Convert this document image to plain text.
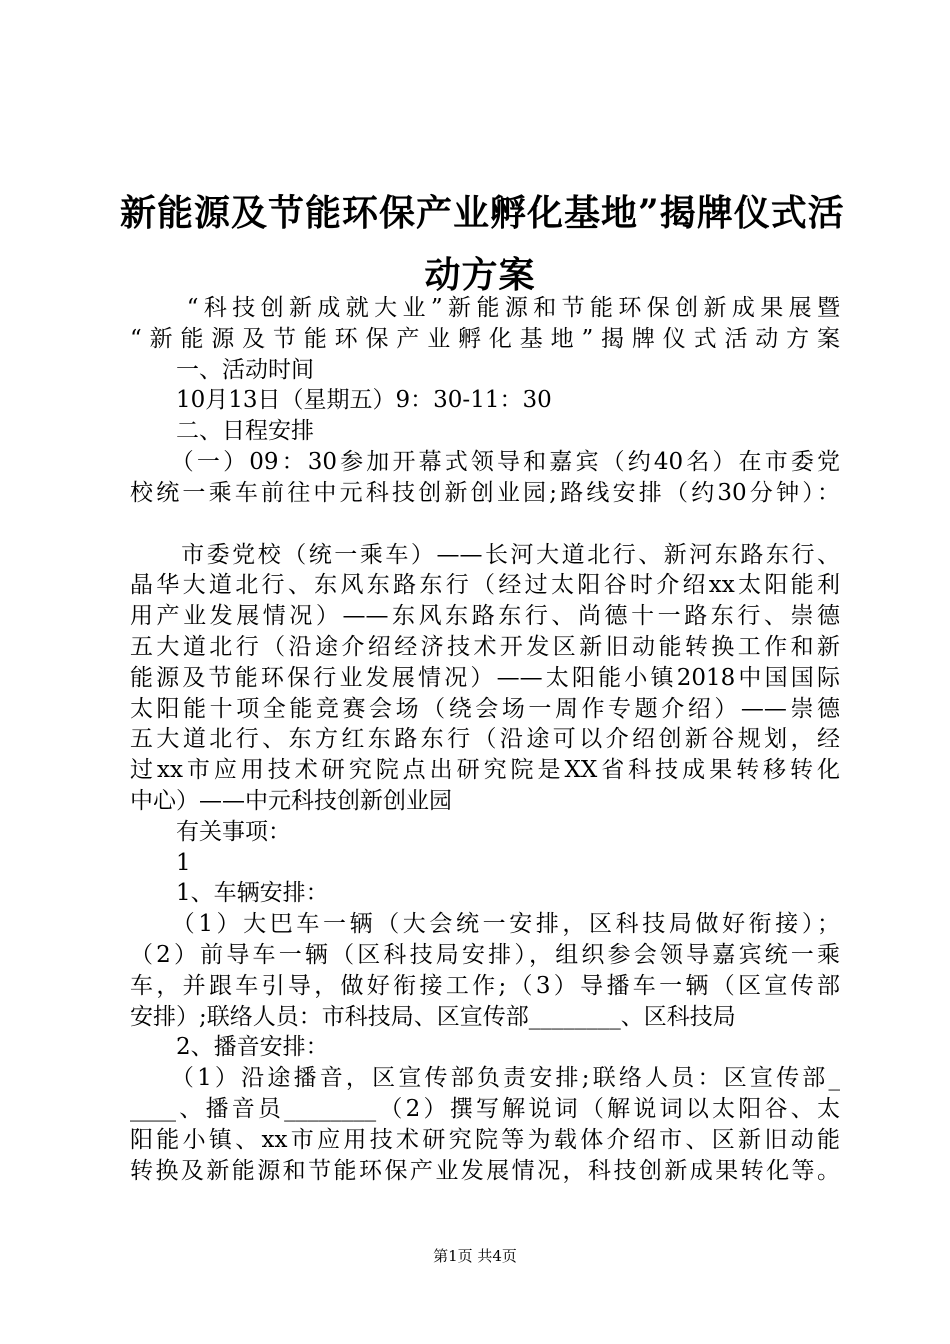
新能源及节能环保产业孵化基地”揭牌仪式活
动方案
　　“科技创新成就大业”新能源和节能环保创新成果展暨
“新能源及节能环保产业孵化基地”揭牌仪式活动方案
　　一、活动时间
　　10月13日（星期五）9：30-11：30
　　二、日程安排
　　（一）09：30参加开幕式领导和嘉宾（约40名）在市委党
校统一乘车前往中元科技创新创业园;路线安排（约30分钟）：
　　市委党校（统一乘车）——长河大道北行、新河东路东行、
晶华大道北行、东风东路东行（经过太阳谷时介绍xx太阳能利
用产业发展情况）——东风东路东行、尚德十一路东行、崇德
五大道北行（沿途介绍经济技术开发区新旧动能转换工作和新
能源及节能环保行业发展情况）——太阳能小镇2018中国国际
太阳能十项全能竞赛会场（绕会场一周作专题介绍）——崇德
五大道北行、东方红东路东行（沿途可以介绍创新谷规划，经
过xx市应用技术研究院点出研究院是XX省科技成果转移转化
中心）——中元科技创新创业园
　　有关事项：
　　1
　　1、车辆安排：
　　（1）大巴车一辆（大会统一安排，区科技局做好衔接）；
（2）前导车一辆（区科技局安排），组织参会领导嘉宾统一乘
车，并跟车引导，做好衔接工作;（3）导播车一辆（区宣传部
安排）;联络人员：市科技局、区宣传部________、区科技局
　　2、播音安排：
　　（1）沿途播音，区宣传部负责安排;联络人员：区宣传部_
____、播音员________（2）撰写解说词（解说词以太阳谷、太
阳能小镇、xx市应用技术研究院等为载体介绍市、区新旧动能
转换及新能源和节能环保产业发展情况，科技创新成果转化等。
第1页 共4页
